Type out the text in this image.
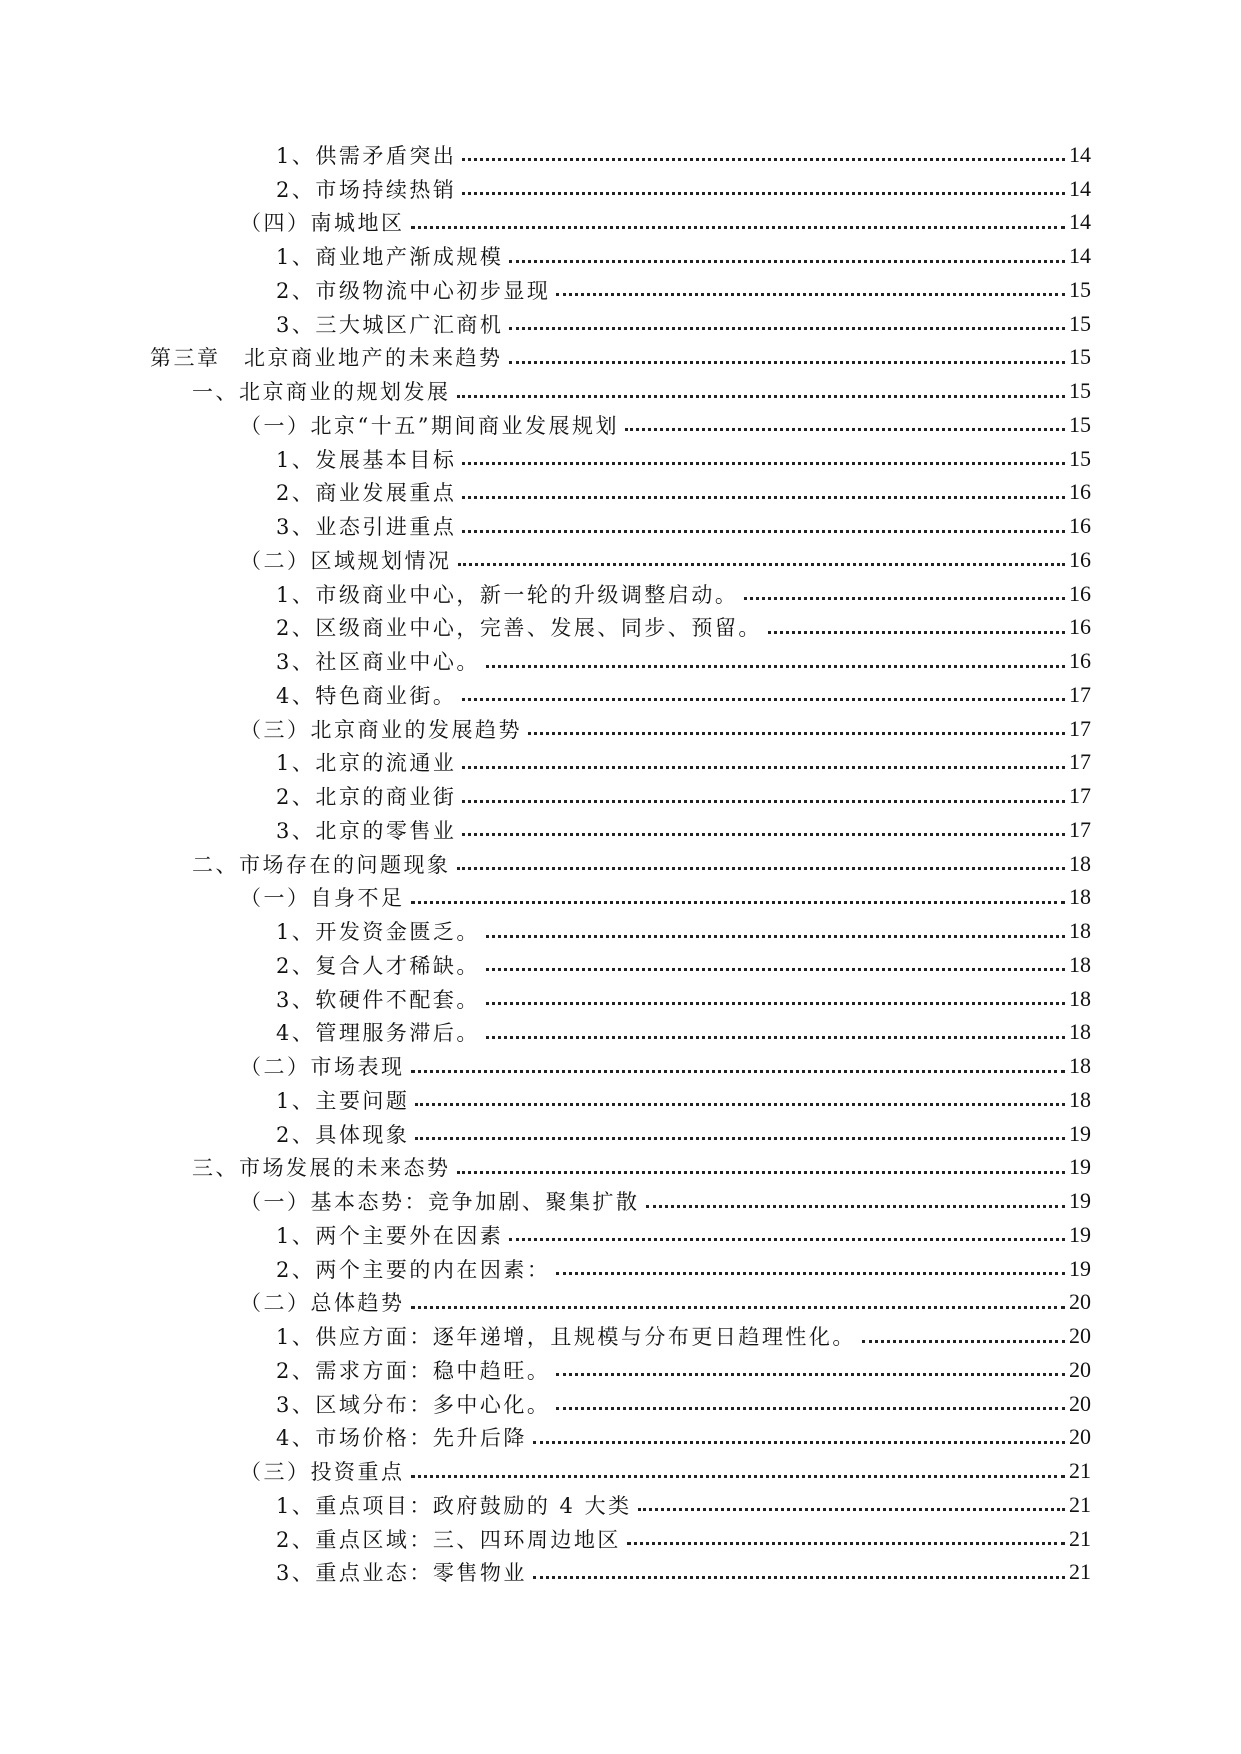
1、供需矛盾突出	14
2、市场持续热销	14
（四）南城地区	14
1、商业地产渐成规模	14
2、市级物流中心初步显现	15
3、三大城区广汇商机	15
第三章　北京商业地产的未来趋势	15
一、北京商业的规划发展	15
（一）北京“十五”期间商业发展规划	15
1、发展基本目标	15
2、商业发展重点	16
3、业态引进重点	16
（二）区域规划情况	16
1、市级商业中心，新一轮的升级调整启动。	16
2、区级商业中心，完善、发展、同步、预留。	16
3、社区商业中心。	16
4、特色商业街。	17
（三）北京商业的发展趋势	17
1、北京的流通业	17
2、北京的商业街	17
3、北京的零售业	17
二、市场存在的问题现象	18
（一）自身不足	18
1、开发资金匮乏。	18
2、复合人才稀缺。	18
3、软硬件不配套。	18
4、管理服务滞后。	18
（二）市场表现	18
1、主要问题	18
2、具体现象	19
三、市场发展的未来态势	19
（一）基本态势：竞争加剧、聚集扩散	19
1、两个主要外在因素	19
2、两个主要的内在因素：	19
（二）总体趋势	20
1、供应方面：逐年递增，且规模与分布更日趋理性化。	20
2、需求方面：稳中趋旺。	20
3、区域分布：多中心化。	20
4、市场价格：先升后降	20
（三）投资重点	21
1、重点项目：政府鼓励的 4 大类	21
2、重点区域：三、四环周边地区	21
3、重点业态：零售物业	21
